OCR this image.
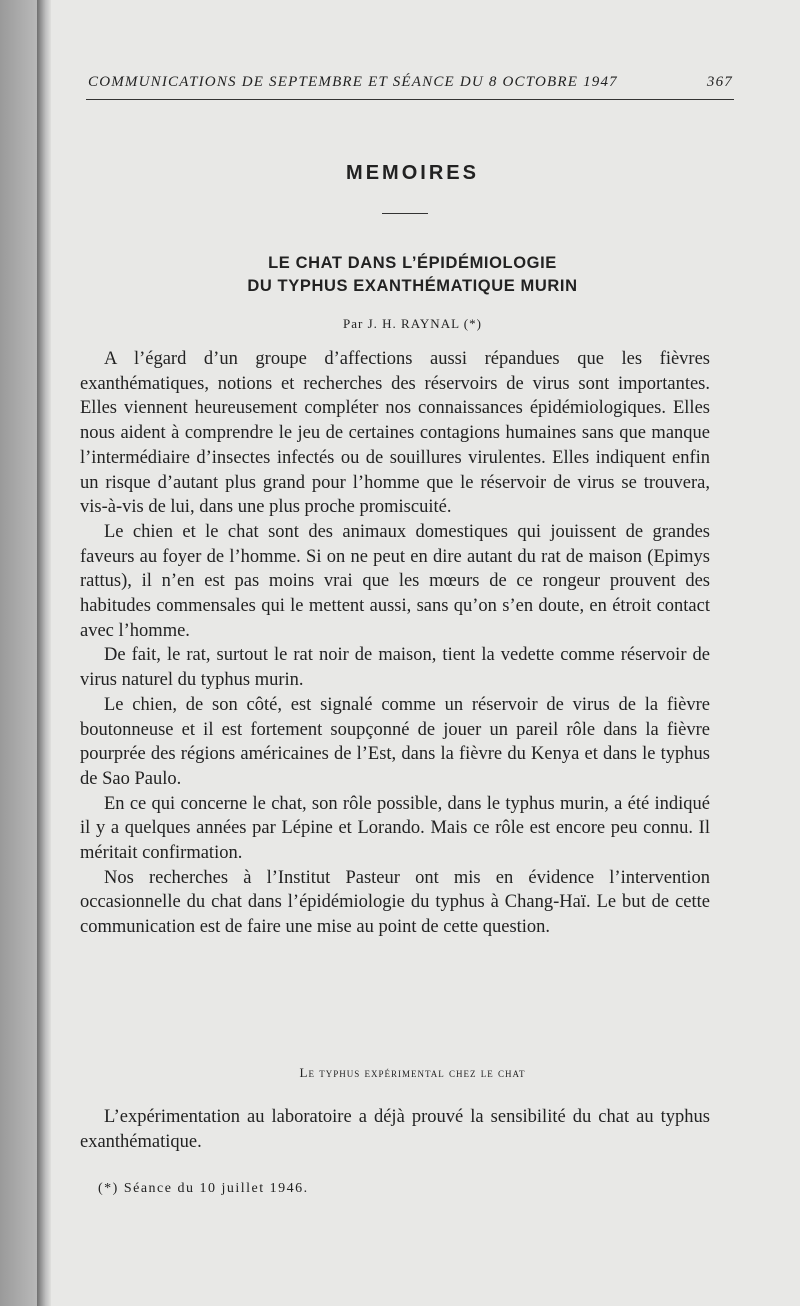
COMMUNICATIONS DE SEPTEMBRE ET SÉANCE DU 8 OCTOBRE 1947	367
MEMOIRES
LE CHAT DANS L’ÉPIDÉMIOLOGIE
DU TYPHUS EXANTHÉMATIQUE MURIN
Par J. H. RAYNAL (*)

A l’égard d’un groupe d’affections aussi répandues que les fièvres exanthématiques, notions et recherches des réservoirs de virus sont importantes. Elles viennent heureusement compléter nos connaissances épidémiologiques. Elles nous aident à comprendre le jeu de certaines contagions humaines sans que manque l’intermédiaire d’insectes infectés ou de souillures virulentes. Elles indiquent enfin un risque d’autant plus grand pour l’homme que le réservoir de virus se trouvera, vis-à-vis de lui, dans une plus proche promiscuité.

Le chien et le chat sont des animaux domestiques qui jouissent de grandes faveurs au foyer de l’homme. Si on ne peut en dire autant du rat de maison (Epimys rattus), il n’en est pas moins vrai que les mœurs de ce rongeur prouvent des habitudes commensales qui le mettent aussi, sans qu’on s’en doute, en étroit contact avec l’homme.

De fait, le rat, surtout le rat noir de maison, tient la vedette comme réservoir de virus naturel du typhus murin.

Le chien, de son côté, est signalé comme un réservoir de virus de la fièvre boutonneuse et il est fortement soupçonné de jouer un pareil rôle dans la fièvre pourprée des régions américaines de l’Est, dans la fièvre du Kenya et dans le typhus de Sao Paulo.

En ce qui concerne le chat, son rôle possible, dans le typhus murin, a été indiqué il y a quelques années par Lépine et Lorando. Mais ce rôle est encore peu connu. Il méritait confirmation.

Nos recherches à l’Institut Pasteur ont mis en évidence l’intervention occasionnelle du chat dans l’épidémiologie du typhus à Chang-Haï. Le but de cette communication est de faire une mise au point de cette question.

Le typhus expérimental chez le chat

L’expérimentation au laboratoire a déjà prouvé la sensibilité du chat au typhus exanthématique.

(*) Séance du 10 juillet 1946.
